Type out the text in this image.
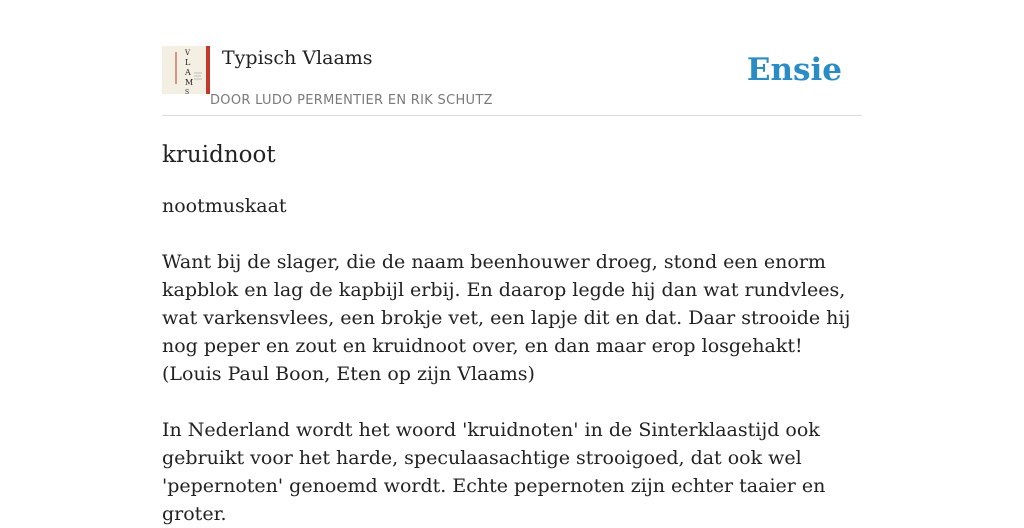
V
L
A
M
S
Typisch Vlaams
DOOR LUDO PERMENTIER EN RIK SCHUTZ
Ensie
kruidnoot

nootmuskaat

Want bij de slager, die de naam beenhouwer droeg, stond een enorm kapblok en lag de kapbijl erbij. En daarop legde hij dan wat rundvlees, wat varkensvlees, een brokje vet, een lapje dit en dat. Daar strooide hij nog peper en zout en kruidnoot over, en dan maar erop losgehakt!

(Louis Paul Boon, Eten op zijn Vlaams)

In Nederland wordt het woord 'kruidnoten' in de Sinterklaastijd ook gebruikt voor het harde, speculaasachtige strooigoed, dat ook wel 'pepernoten' genoemd wordt. Echte pepernoten zijn echter taaier en groter.
